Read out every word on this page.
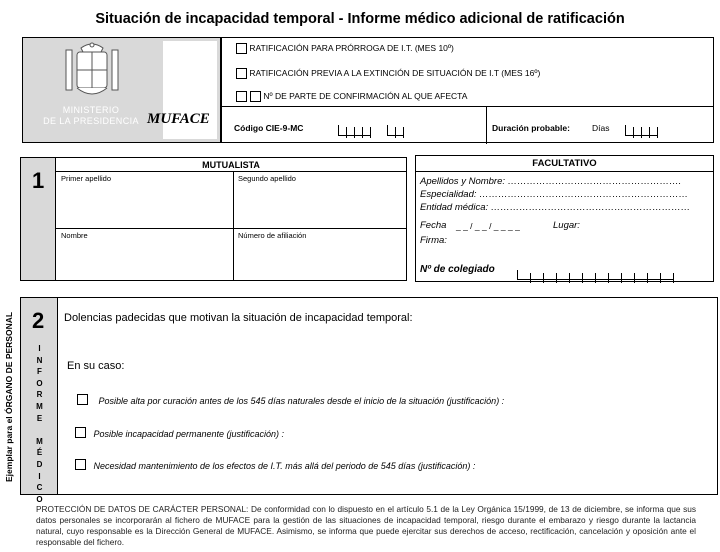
Situación de incapacidad temporal - Informe médico adicional de ratificación
MINISTERIO
DE LA PRESIDENCIA MUFACE
RATIFICACIÓN PARA PRÓRROGA DE I.T. (MES 10º)
RATIFICACIÓN PREVIA A LA EXTINCIÓN DE SITUACIÓN DE I.T (MES 16º)
Nº DE PARTE DE CONFIRMACIÓN AL QUE AFECTA
Código CIE-9-MC
	Duración probable:	Días
1
MUTUALISTA
Primer apellido	Segundo apellido
Nombre	Número de afiliación
FACULTATIVO
Apellidos y Nombre: ……………………………………………….
Especialidad: …………………………………………………………
Entidad médica: ………………………………………………………
Fecha _ _ / _ _ / _ _ _ _	Lugar:
Firma:
Nº de colegiado
Ejemplar para el ÓRGANO DE PERSONAL 2
I
N
F
O
R
M
E
M
É
D
I
C
O
Dolencias padecidas que motivan la situación de incapacidad temporal:
En su caso:
Posible alta por curación antes de los 545 días naturales desde el inicio de la situación (justificación) :
Posible incapacidad permanente (justificación) :
Necesidad mantenimiento de los efectos de I.T. más allá del periodo de 545 días (justificación) :
PROTECCIÓN DE DATOS DE CARÁCTER PERSONAL: De conformidad con lo dispuesto en el artículo 5.1 de la Ley Orgánica 15/1999, de 13 de diciembre, se informa que sus datos personales se incorporarán al fichero de MUFACE para la gestión de las situaciones de incapacidad temporal, riesgo durante el embarazo y riesgo durante la lactancia natural, cuyo responsable es la Dirección General de MUFACE. Asimismo, se informa que puede ejercitar sus derechos de acceso, rectificación, cancelación y oposición ante el responsable del fichero.
